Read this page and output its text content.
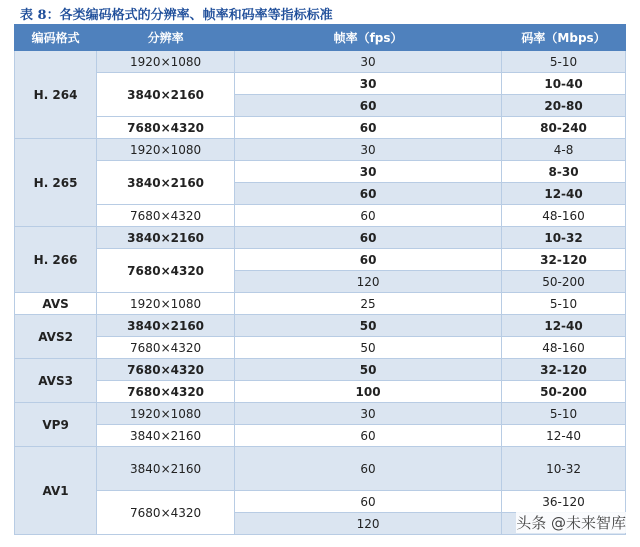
表 8：各类编码格式的分辨率、帧率和码率等指标标准
编码格式	分辨率	帧率（fps）	码率（Mbps）
H. 264	1920×1080	30	5-10
	3840×2160	30	10-40
		60	20-80
	7680×4320	60	80-240
H. 265	1920×1080	30	4-8
	3840×2160	30	8-30
		60	12-40
	7680×4320	60	48-160
H. 266	3840×2160	60	10-32
	7680×4320	60	32-120
		120	50-200
AVS	1920×1080	25	5-10
AVS2	3840×2160	50	12-40
	7680×4320	50	48-160
AVS3	7680×4320	50	32-120
	7680×4320	100	50-200
VP9	1920×1080	30	5-10
	3840×2160	60	12-40
AV1	3840×2160	60	10-32
	7680×4320	60	36-120
		120		头条 @未来智库
